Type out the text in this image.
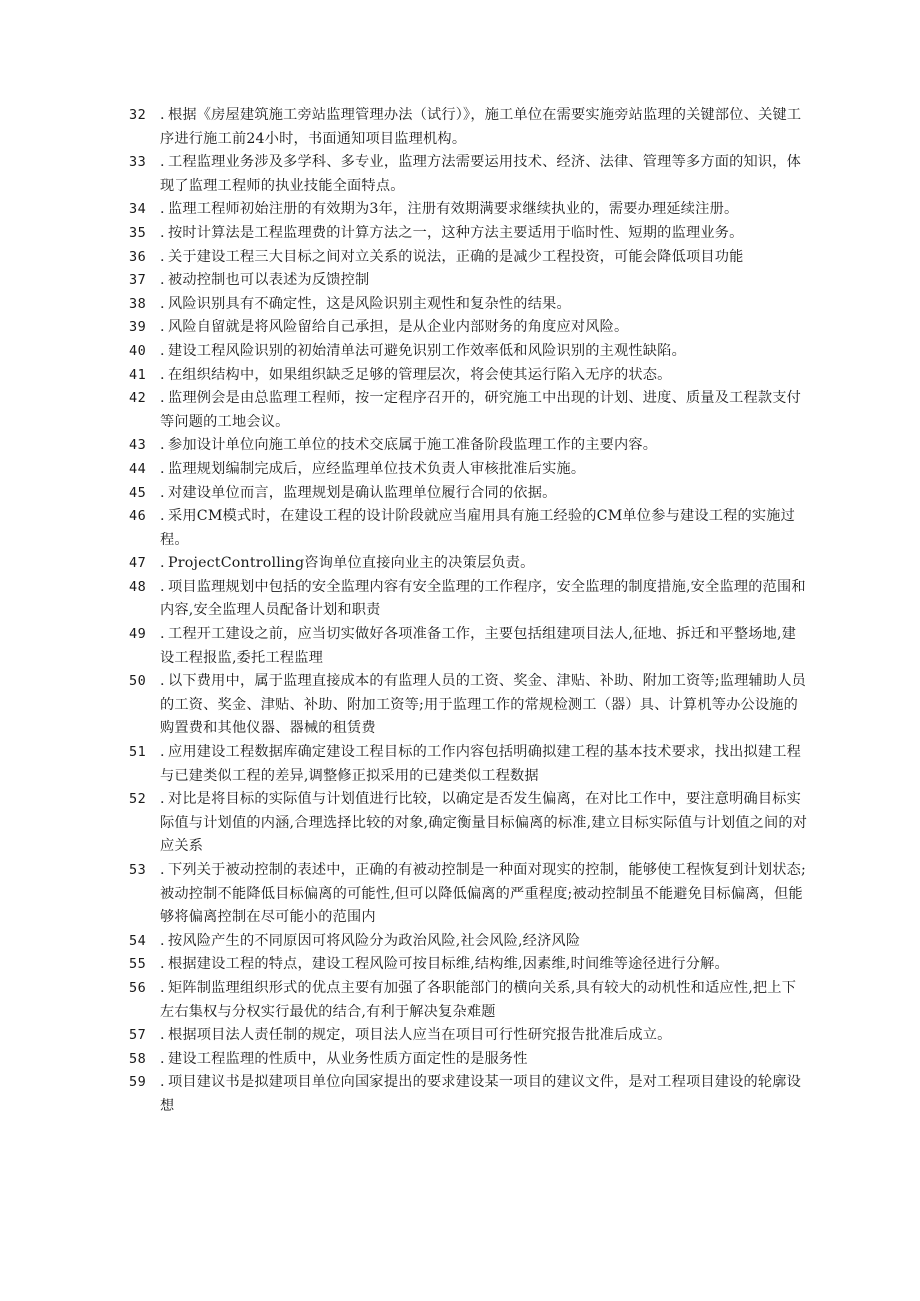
32 . 根据《房屋建筑施工旁站监理管理办法（试行）》，施工单位在需要实施旁站监理的关键部位、关键工序进行施工前24小时，书面通知项目监理机构。
33 . 工程监理业务涉及多学科、多专业，监理方法需要运用技术、经济、法律、管理等多方面的知识，体现了监理工程师的执业技能全面特点。
34 . 监理工程师初始注册的有效期为3年，注册有效期满要求继续执业的，需要办理延续注册。
35 . 按时计算法是工程监理费的计算方法之一，这种方法主要适用于临时性、短期的监理业务。
36 . 关于建设工程三大目标之间对立关系的说法，正确的是减少工程投资，可能会降低项目功能
37 . 被动控制也可以表述为反馈控制
38 . 风险识别具有不确定性，这是风险识别主观性和复杂性的结果。
39 . 风险自留就是将风险留给自己承担，是从企业内部财务的角度应对风险。
40 . 建设工程风险识别的初始清单法可避免识别工作效率低和风险识别的主观性缺陷。
41 . 在组织结构中，如果组织缺乏足够的管理层次，将会使其运行陷入无序的状态。
42 . 监理例会是由总监理工程师，按一定程序召开的，研究施工中出现的计划、进度、质量及工程款支付等问题的工地会议。
43 . 参加设计单位向施工单位的技术交底属于施工准备阶段监理工作的主要内容。
44 . 监理规划编制完成后，应经监理单位技术负责人审核批准后实施。
45 . 对建设单位而言，监理规划是确认监理单位履行合同的依据。
46 . 采用CM模式时，在建设工程的设计阶段就应当雇用具有施工经验的CM单位参与建设工程的实施过程。
47 . ProjectControlling咨询单位直接向业主的决策层负责。
48 . 项目监理规划中包括的安全监理内容有安全监理的工作程序，安全监理的制度措施,安全监理的范围和内容,安全监理人员配备计划和职责
49 . 工程开工建设之前，应当切实做好各项准备工作，主要包括组建项目法人,征地、拆迁和平整场地,建设工程报监,委托工程监理
50 . 以下费用中，属于监理直接成本的有监理人员的工资、奖金、津贴、补助、附加工资等;监理辅助人员的工资、奖金、津贴、补助、附加工资等;用于监理工作的常规检测工（器）具、计算机等办公设施的购置费和其他仪器、器械的租赁费
51 . 应用建设工程数据库确定建设工程目标的工作内容包括明确拟建工程的基本技术要求，找出拟建工程与已建类似工程的差异,调整修正拟采用的已建类似工程数据
52 . 对比是将目标的实际值与计划值进行比较，以确定是否发生偏离，在对比工作中，要注意明确目标实际值与计划值的内涵,合理选择比较的对象,确定衡量目标偏离的标准,建立目标实际值与计划值之间的对应关系
53 . 下列关于被动控制的表述中，正确的有被动控制是一种面对现实的控制，能够使工程恢复到计划状态;被动控制不能降低目标偏离的可能性,但可以降低偏离的严重程度;被动控制虽不能避免目标偏离，但能够将偏离控制在尽可能小的范围内
54 . 按风险产生的不同原因可将风险分为政治风险,社会风险,经济风险
55 . 根据建设工程的特点，建设工程风险可按目标维,结构维,因素维,时间维等途径进行分解。
56 . 矩阵制监理组织形式的优点主要有加强了各职能部门的横向关系,具有较大的动机性和适应性,把上下左右集权与分权实行最优的结合,有利于解决复杂难题
57 . 根据项目法人责任制的规定，项目法人应当在项目可行性研究报告批准后成立。
58 . 建设工程监理的性质中，从业务性质方面定性的是服务性
59 . 项目建议书是拟建项目单位向国家提出的要求建设某一项目的建议文件，是对工程项目建设的轮廓设想
